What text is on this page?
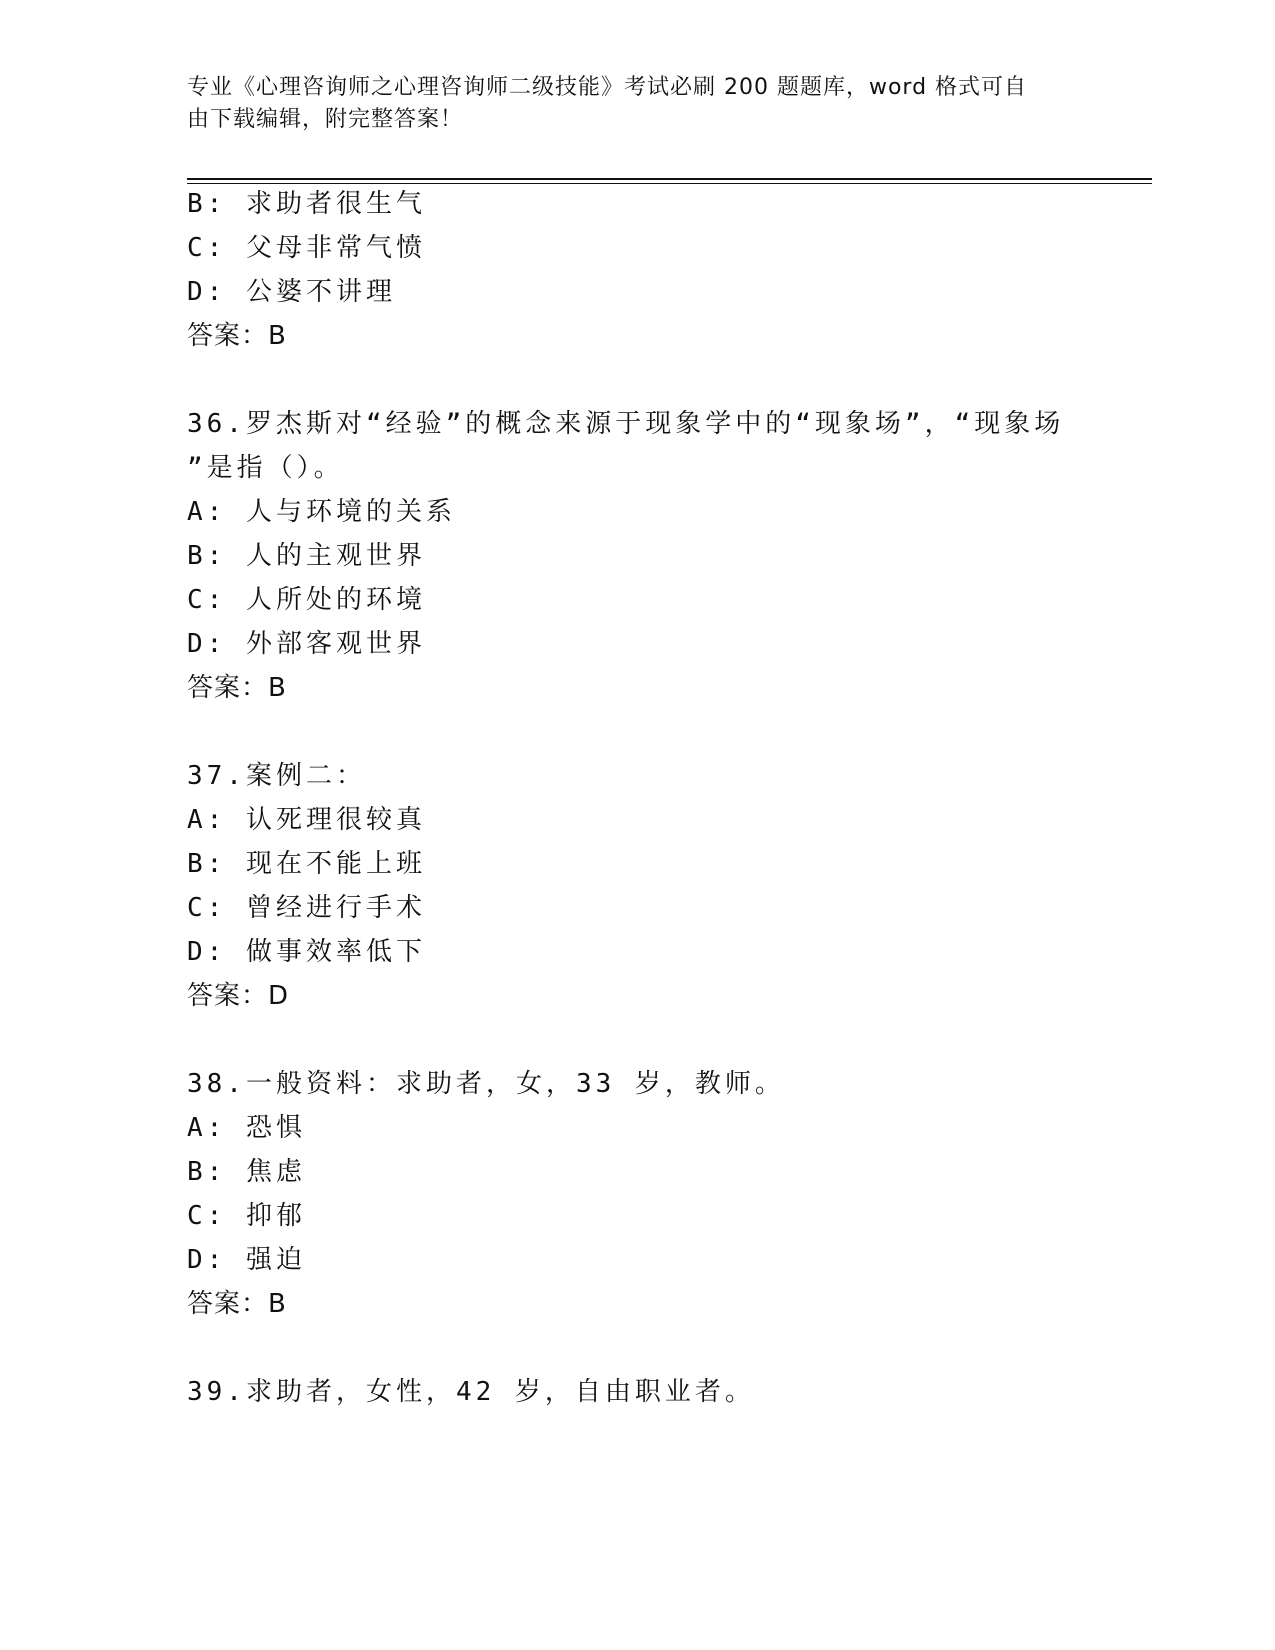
专业《心理咨询师之心理咨询师二级技能》考试必刷 200 题题库，word 格式可自
由下载编辑，附完整答案！
B: 求助者很生气
C: 父母非常气愤
D: 公婆不讲理
答案：B
36.罗杰斯对“经验”的概念来源于现象学中的“现象场”，“现象场
”是指（）。
A: 人与环境的关系
B: 人的主观世界
C: 人所处的环境
D: 外部客观世界
答案：B
37.案例二：
A: 认死理很较真
B: 现在不能上班
C: 曾经进行手术
D: 做事效率低下
答案：D
38.一般资料：求助者，女，33 岁，教师。
A: 恐惧
B: 焦虑
C: 抑郁
D: 强迫
答案：B
39.求助者，女性，42 岁，自由职业者。
